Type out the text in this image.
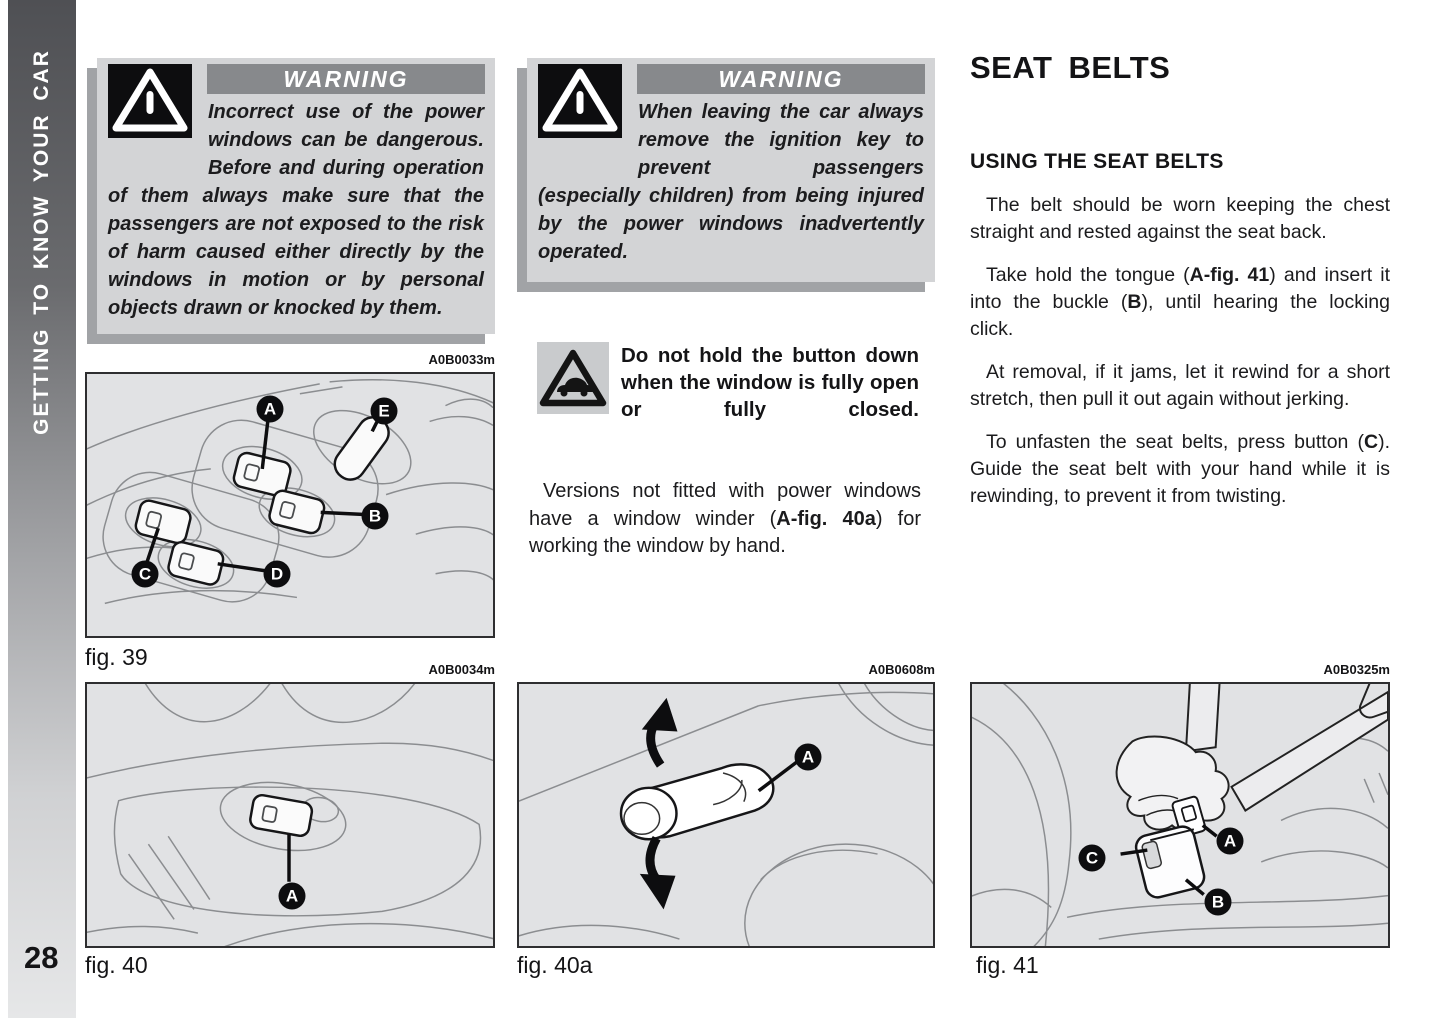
GETTING TO KNOW YOUR CAR
28
WARNING

Incorrect use of the power windows can be dangerous. Before and during operation of them always make sure that the passengers are not exposed to the risk of harm caused either directly by the windows in motion or by personal objects drawn or knocked by them.

WARNING

When leaving the car always remove the ignition key to prevent passengers (especially children) from being injured by the power windows inadvertently operated.

Do not hold the button down when the window is fully open or fully closed.

Versions not fitted with power windows have a window winder (A-fig. 40a) for working the window by hand.

A0B0033m
A	E
B
C	D
fig. 39	A0B0034m
A
fig. 40
A0B0608m
A
fig. 40a
A0B0325m
C
A
B
fig. 41
SEAT BELTS
USING THE SEAT BELTS

The belt should be worn keeping the chest straight and rested against the seat back.

Take hold the tongue (A-fig. 41) and insert it into the buckle (B), until hearing the locking click.

At removal, if it jams, let it rewind for a short stretch, then pull it out again without jerking.

To unfasten the seat belts, press button (C). Guide the seat belt with your hand while it is rewinding, to prevent it from twisting.
